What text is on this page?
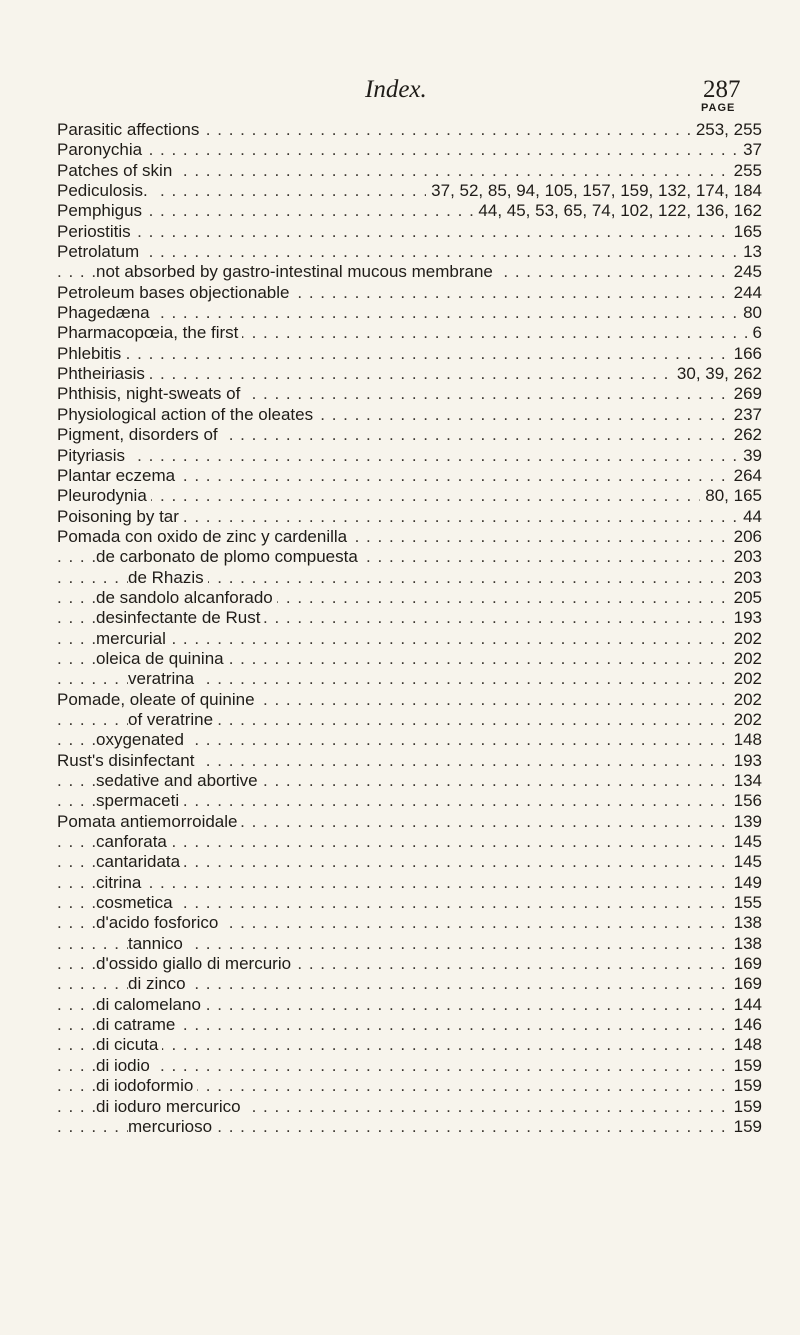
Index.	287
PAGE
. . .
Parasitic affections	253, 255
. . .
Paronychia	37
. . .
Patches of skin	255
. . .
Pediculosis.	37, 52, 85, 94, 105, 157, 159, 132, 174, 184
. . .
Pemphigus	44, 45, 53, 65, 74, 102, 122, 136, 162
. . .
Periostitis	165
. . .
Petrolatum	13
. . .
not absorbed by gastro-intestinal mucous membrane	245
. . .
Petroleum bases objectionable	244
. . .
Phagedæna	80
. . .
Pharmacopœia, the first	6
. . .
Phlebitis	166
. . .
Phtheiriasis	30, 39, 262
. . .
Phthisis, night-sweats of	269
. . .
Physiological action of the oleates	237
. . .
Pigment, disorders of	262
. . .
Pityriasis	39
. . .
Plantar eczema	264
. . .
Pleurodynia	80, 165
. . .
Poisoning by tar	44
. . .
Pomada con oxido de zinc y cardenilla	206
. . .
de carbonato de plomo compuesta	203
. . .
de Rhazis	203
. . .
de sandolo alcanforado	205
. . .
desinfectante de Rust	193
. . .
mercurial	202
. . .
oleica de quinina	202
. . .
veratrina	202
. . .
Pomade, oleate of quinine	202
. . .
of veratrine	202
. . .
oxygenated	148
. . .
Rust's disinfectant	193
. . .
sedative and abortive	134
. . .
spermaceti	156
. . .
Pomata antiemorroidale	139
. . .
canforata	145
. . .
cantaridata	145
. . .
citrina	149
. . .
cosmetica	155
. . .
d'acido fosforico	138
. . .
tannico	138
. . .
d'ossido giallo di mercurio	169
. . .
di zinco	169
. . .
di calomelano	144
. . .
di catrame	146
. . .
di cicuta	148
. . .
di iodio	159
. . .
di iodoformio	159
. . .
di ioduro mercurico	159
. . .
mercurioso	159
